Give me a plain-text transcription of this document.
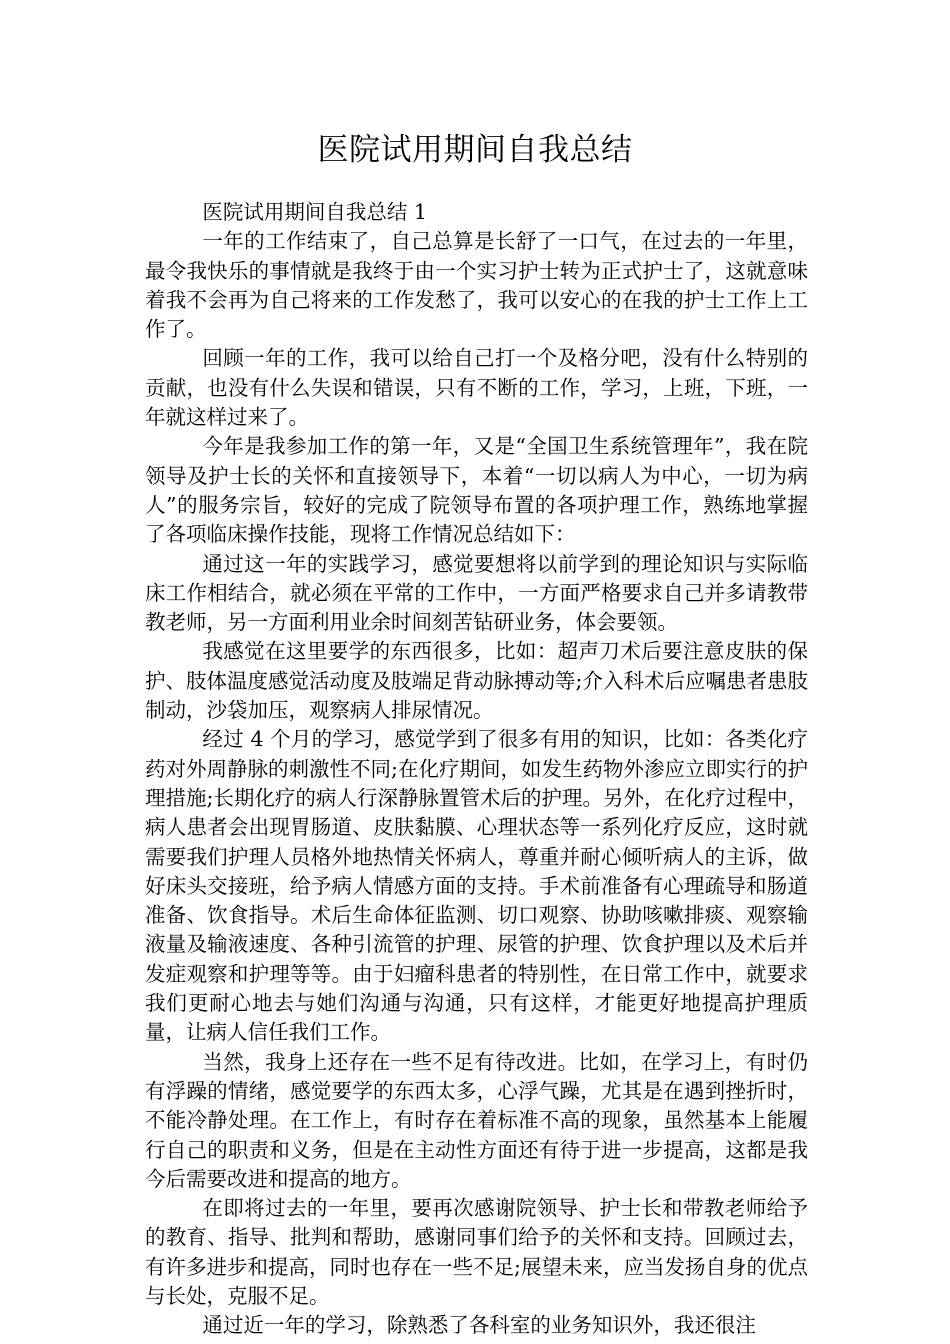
医院试用期间自我总结

医院试用期间自我总结 1

一年的工作结束了，自己总算是长舒了一口气，在过去的一年里，最令我快乐的事情就是我终于由一个实习护士转为正式护士了，这就意味着我不会再为自己将来的工作发愁了，我可以安心的在我的护士工作上工作了。

回顾一年的工作，我可以给自己打一个及格分吧，没有什么特别的贡献，也没有什么失误和错误，只有不断的工作，学习，上班，下班，一年就这样过来了。

今年是我参加工作的第一年，又是“全国卫生系统管理年”，我在院领导及护士长的关怀和直接领导下，本着“一切以病人为中心，一切为病人”的服务宗旨，较好的完成了院领导布置的各项护理工作，熟练地掌握了各项临床操作技能，现将工作情况总结如下：

通过这一年的实践学习，感觉要想将以前学到的理论知识与实际临床工作相结合，就必须在平常的工作中，一方面严格要求自己并多请教带教老师，另一方面利用业余时间刻苦钻研业务，体会要领。

我感觉在这里要学的东西很多，比如：超声刀术后要注意皮肤的保护、肢体温度感觉活动度及肢端足背动脉搏动等;介入科术后应嘱患者患肢制动，沙袋加压，观察病人排尿情况。

经过 4 个月的学习，感觉学到了很多有用的知识，比如：各类化疗药对外周静脉的刺激性不同;在化疗期间，如发生药物外渗应立即实行的护理措施;长期化疗的病人行深静脉置管术后的护理。另外，在化疗过程中，病人患者会出现胃肠道、皮肤黏膜、心理状态等一系列化疗反应，这时就需要我们护理人员格外地热情关怀病人，尊重并耐心倾听病人的主诉，做好床头交接班，给予病人情感方面的支持。手术前准备有心理疏导和肠道准备、饮食指导。术后生命体征监测、切口观察、协助咳嗽排痰、观察输液量及输液速度、各种引流管的护理、尿管的护理、饮食护理以及术后并发症观察和护理等等。由于妇瘤科患者的特别性，在日常工作中，就要求我们更耐心地去与她们沟通与沟通，只有这样，才能更好地提高护理质量，让病人信任我们工作。

当然，我身上还存在一些不足有待改进。比如，在学习上，有时仍有浮躁的情绪，感觉要学的东西太多，心浮气躁，尤其是在遇到挫折时，不能冷静处理。在工作上，有时存在着标准不高的现象，虽然基本上能履行自己的职责和义务，但是在主动性方面还有待于进一步提高，这都是我今后需要改进和提高的地方。

在即将过去的一年里，要再次感谢院领导、护士长和带教老师给予的教育、指导、批判和帮助，感谢同事们给予的关怀和支持。回顾过去，有许多进步和提高，同时也存在一些不足;展望未来，应当发扬自身的优点与长处，克服不足。

通过近一年的学习，除熟悉了各科室的业务知识外，我还很注
